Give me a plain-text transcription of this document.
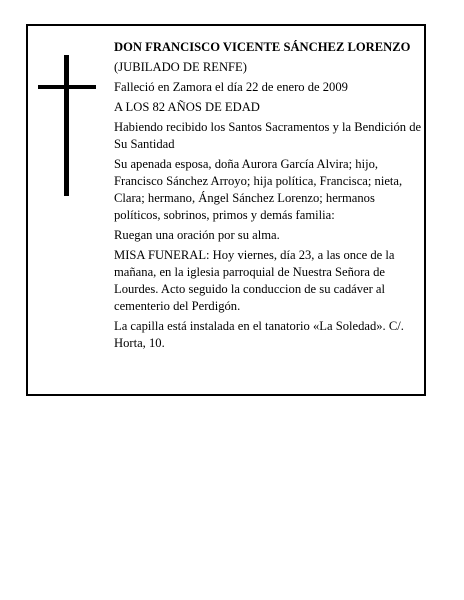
DON FRANCISCO VICENTE SÁNCHEZ LORENZO

(JUBILADO DE RENFE)

Falleció en Zamora el día 22 de enero de 2009

A LOS 82 AÑOS DE EDAD

Habiendo recibido los Santos Sacramentos y la Bendición de Su Santidad

Su apenada esposa, doña Aurora García Alvira; hijo, Francisco Sánchez Arroyo; hija política, Francisca; nieta, Clara; hermano, Ángel Sánchez Lorenzo; hermanos políticos, sobrinos, primos y demás familia:

Ruegan una oración por su alma.

MISA FUNERAL: Hoy viernes, día 23, a las once de la mañana, en la iglesia parroquial de Nuestra Señora de Lourdes. Acto seguido la conduccion de su cadáver al cementerio del Perdigón.

La capilla está instalada en el tanatorio «La Soledad». C/. Horta, 10.
